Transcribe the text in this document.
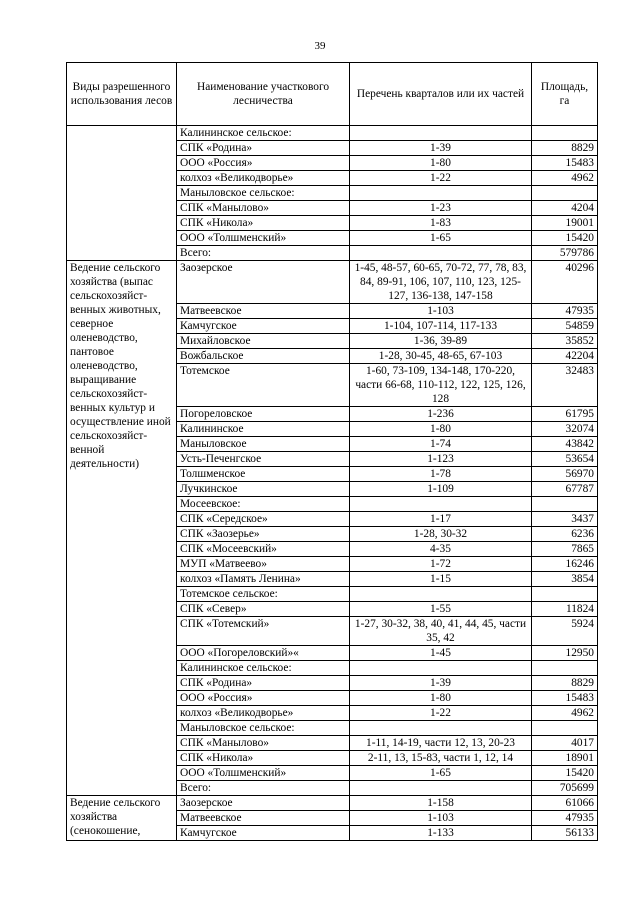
39
Виды разрешенного использования лесов	Наименование участкового лесничества	Перечень кварталов или их частей	Площадь, га
	Калининское сельское:		
	СПК «Родина»	1-39	8829
	ООО «Россия»	1-80	15483
	колхоз «Великодворье»	1-22	4962
	Маныловское сельское:		
	СПК «Манылово»	1-23	4204
	СПК «Никола»	1-83	19001
	ООО «Толшменский»	1-65	15420
	Всего:		579786
Ведение сельского хозяйства (выпас сельскохозяйст-венных животных, северное оленеводство, пантовое оленеводство, выращивание сельскохозяйст-венных культур и осуществление иной сельскохозяйст-венной деятельности)	Заозерское	1-45, 48-57, 60-65, 70-72, 77, 78, 83, 84, 89-91, 106, 107, 110, 123, 125-127, 136-138, 147-158	40296
	Матвеевское	1-103	47935
	Камчугское	1-104, 107-114, 117-133	54859
	Михайловское	1-36, 39-89	35852
	Вожбальское	1-28, 30-45, 48-65, 67-103	42204
	Тотемское	1-60, 73-109, 134-148, 170-220, части 66-68, 110-112, 122, 125, 126, 128	32483
	Погореловское	1-236	61795
	Калининское	1-80	32074
	Маныловское	1-74	43842
	Усть-Печенгское	1-123	53654
	Толшменское	1-78	56970
	Лучкинское	1-109	67787
	Мосеевское:		
	СПК «Середское»	1-17	3437
	СПК «Заозерье»	1-28, 30-32	6236
	СПК «Мосеевский»	4-35	7865
	МУП «Матвеево»	1-72	16246
	колхоз «Память Ленина»	1-15	3854
	Тотемское сельское:		
	СПК «Север»	1-55	11824
	СПК «Тотемский»	1-27, 30-32, 38, 40, 41, 44, 45, части 35, 42	5924
	ООО «Погореловский»«	1-45	12950
	Калининское сельское:		
	СПК «Родина»	1-39	8829
	ООО «Россия»	1-80	15483
	колхоз «Великодворье»	1-22	4962
	Маныловское сельское:		
	СПК «Манылово»	1-11, 14-19, части 12, 13, 20-23	4017
	СПК «Никола»	2-11, 13, 15-83, части 1, 12, 14	18901
	ООО «Толшменский»	1-65	15420
	Всего:		705699
Ведение сельского хозяйства (сенокошение,	Заозерское	1-158	61066
	Матвеевское	1-103	47935
	Камчугское	1-133	56133
